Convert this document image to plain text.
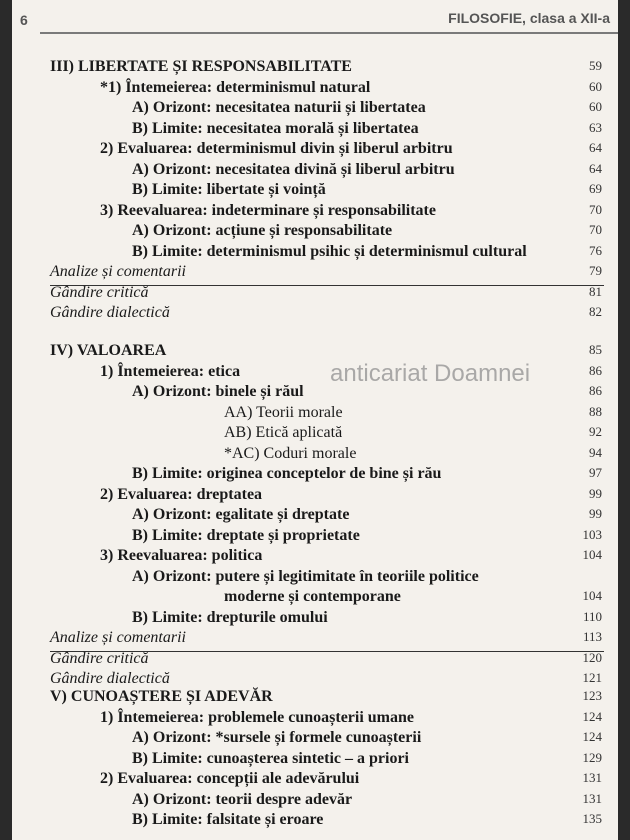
6	FILOSOFIE, clasa a XII-a
anticariat Doamnei
III) LIBERTATE ȘI RESPONSABILITATE	59
*1) Întemeierea: determinismul natural	60
A) Orizont: necesitatea naturii și libertatea	60
B) Limite: necesitatea morală și libertatea	63
2) Evaluarea: determinismul divin și liberul arbitru	64
A) Orizont: necesitatea divină și liberul arbitru	64
B) Limite: libertate și voință	69
3) Reevaluarea: indeterminare și responsabilitate	70
A) Orizont: acțiune și responsabilitate	70
B) Limite: determinismul psihic și determinismul cultural	76
Analize și comentarii	79
Gândire critică	81
Gândire dialectică	82
IV) VALOAREA	85
1) Întemeierea: etica	86
A) Orizont: binele și răul	86
AA) Teorii morale	88
AB) Etică aplicată	92
*AC) Coduri morale	94
B) Limite: originea conceptelor de bine și rău	97
2) Evaluarea: dreptatea	99
A) Orizont: egalitate și dreptate	99
B) Limite: dreptate și proprietate	103
3) Reevaluarea: politica	104
A) Orizont: putere și legitimitate în teoriile politice
moderne și contemporane	104
B) Limite: drepturile omului	110
Analize și comentarii	113
Gândire critică	120
Gândire dialectică	121
V) CUNOAȘTERE ȘI ADEVĂR	123
1) Întemeierea: problemele cunoașterii umane	124
A) Orizont: *sursele și formele cunoașterii	124
B) Limite: cunoașterea sintetic – a priori	129
2) Evaluarea: concepții ale adevărului	131
A) Orizont: teorii despre adevăr	131
B) Limite: falsitate și eroare	135
